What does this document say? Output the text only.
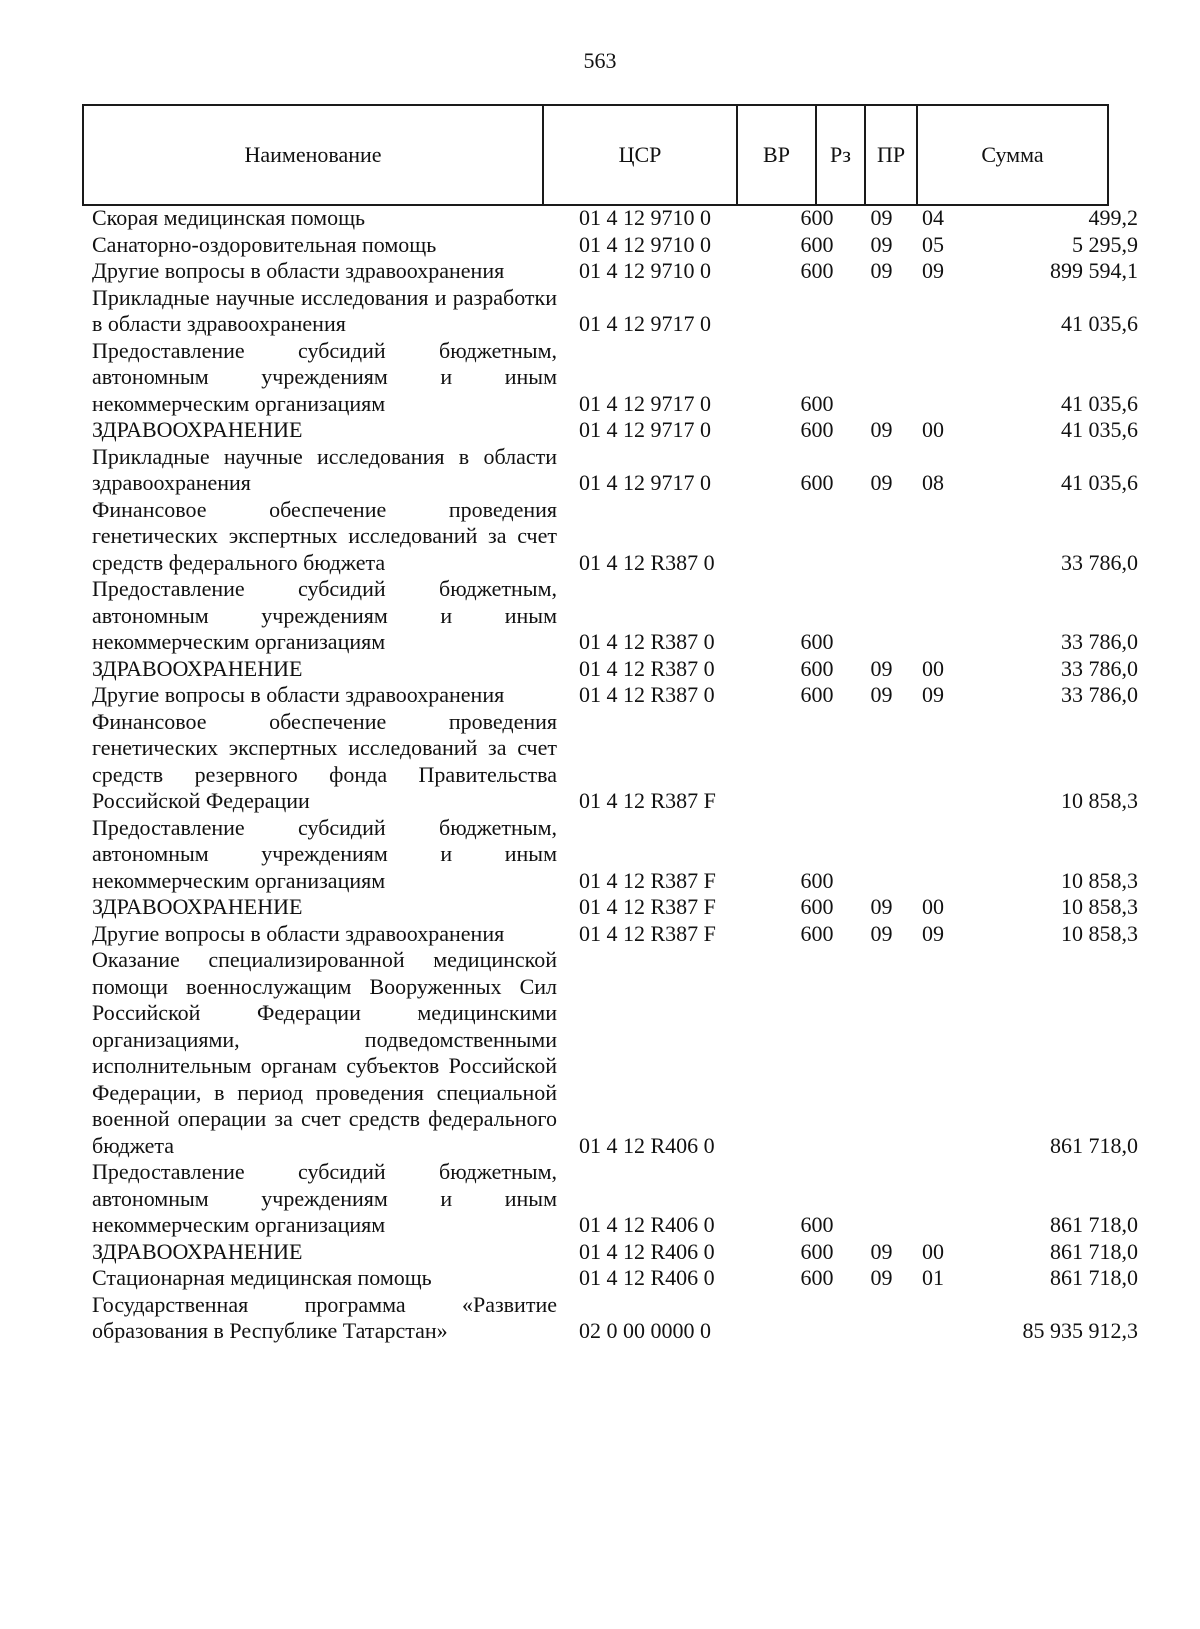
563
Наименование	ЦСР	ВР	Рз	ПР	Сумма
Скорая медицинская помощь	01 4 12 9710 0	600	09	04	499,2

Санаторно-оздоровительная помощь	01 4 12 9710 0	600	09	05	5 295,9

Другие вопросы в области здравоохранения	01 4 12 9710 0	600	09	09	899 594,1

Прикладные научные исследования и разработки в области здравоохранения	01 4 12 9717 0				41 035,6

Предоставление субсидий бюджетным, автономным учреждениям и иным некоммерческим организациям	01 4 12 9717 0	600			41 035,6

ЗДРАВООХРАНЕНИЕ	01 4 12 9717 0	600	09	00	41 035,6

Прикладные научные исследования в области здравоохранения	01 4 12 9717 0	600	09	08	41 035,6

Финансовое обеспечение проведения генетических экспертных исследований за счет средств федерального бюджета	01 4 12 R387 0				33 786,0

Предоставление субсидий бюджетным, автономным учреждениям и иным некоммерческим организациям	01 4 12 R387 0	600			33 786,0

ЗДРАВООХРАНЕНИЕ	01 4 12 R387 0	600	09	00	33 786,0

Другие вопросы в области здравоохранения	01 4 12 R387 0	600	09	09	33 786,0

Финансовое обеспечение проведения генетических экспертных исследований за счет средств резервного фонда Правительства Российской Федерации	01 4 12 R387 F				10 858,3

Предоставление субсидий бюджетным, автономным учреждениям и иным некоммерческим организациям	01 4 12 R387 F	600			10 858,3

ЗДРАВООХРАНЕНИЕ	01 4 12 R387 F	600	09	00	10 858,3

Другие вопросы в области здравоохранения	01 4 12 R387 F	600	09	09	10 858,3

Оказание специализированной медицинской помощи военнослужащим Вооруженных Сил Российской Федерации медицинскими организациями, подведомственными исполнительным органам субъектов Российской Федерации, в период проведения специальной военной операции за счет средств федерального бюджета	01 4 12 R406 0				861 718,0

Предоставление субсидий бюджетным, автономным учреждениям и иным некоммерческим организациям	01 4 12 R406 0	600			861 718,0

ЗДРАВООХРАНЕНИЕ	01 4 12 R406 0	600	09	00	861 718,0

Стационарная медицинская помощь	01 4 12 R406 0	600	09	01	861 718,0

Государственная программа «Развитие образования в Республике Татарстан»	02 0 00 0000 0				85 935 912,3
